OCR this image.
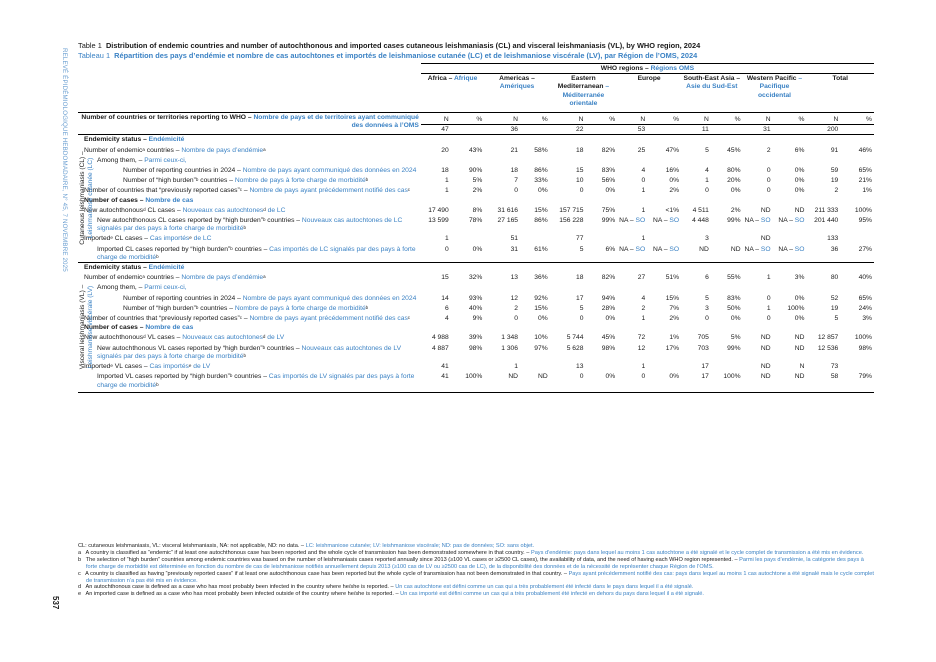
RELEVÉ ÉPIDÉMIOLOGIQUE HEBDOMADAIRE, N° 45, 7 NOVEMBRE 2025
537
Table 1 Distribution of endemic countries and number of autochthonous and imported cases cutaneous leishmaniasis (CL) and visceral leishmaniasis (VL), by WHO region, 2024
Tableau 1 Répartition des pays d’endémie et nombre de cas autochtones et importés de leishmaniose cutanée (LC) et de leishmaniose viscérale (LV), par Région de l’OMS, 2024
	WHO regions – Régions OMS													
	Africa – Afrique		Americas – Amériques		Eastern Mediterranean – Méditerranée orientale		Europe		South-East Asia – Asie du Sud-Est		Western Pacific – Pacifique occidental		Total	
Number of countries or territories reporting to WHO – Nombre de pays et de territoires ayant communiqué des données à l’OMS	N	%	N	%	N	%	N	%	N	%	N	%	N	%
	47		36		22		53		11		31		200	
Endemicity status – Endémicité														
Number of endemic$^a$ countries – Nombre de pays d’endémie$^a$	20	43%	21	58%	18	82%	25	47%	5	45%	2	6%	91	46%
Among them, – Parmi ceux-ci,														
Number of reporting countries in 2024 – Nombre de pays ayant communiqué des données en 2024	18	90%	18	86%	15	83%	4	16%	4	80%	0	0%	59	65%
Number of “high burden”$^b$ countries – Nombre de pays à forte charge de morbidité$^b$	1	5%	7	33%	10	56%	0	0%	1	20%	0	0%	19	21%
Number of countries that “previously reported cases”$^c$ – Nombre de pays ayant précédemment notifié des cas$^c$	1	2%	0	0%	0	0%	1	2%	0	0%	0	0%	2	1%
Number of cases – Nombre de cas														
New autochthonous$^d$ CL cases – Nouveaux cas autochtones$^d$ de LC	17 490	8%	31 616	15%	157 715	75%	1	<1%	4 511	2%	ND	ND	211 333	100%
New autochthonous CL cases reported by “high burden”$^b$ countries – Nouveaux cas autochtones de LC signalés par des pays à forte charge de morbidité$^b$	13 599	78%	27 165	86%	156 228	99%	NA – SO	NA – SO	4 448	99%	NA – SO	NA – SO	201 440	95%
Imported$^e$ CL cases – Cas importés$^e$ de LC	1		51		77		1		3		ND		133	
Imported CL cases reported by “high burden”$^b$ countries – Cas importés de LC signalés par des pays à forte charge de morbidité$^b$	0	0%	31	61%	5	6%	NA – SO	NA – SO	ND	ND	NA – SO	NA – SO	36	27%
Endemicity status – Endémicité														
Number of endemic$^a$ countries – Nombre de pays d’endémie$^a$	15	32%	13	36%	18	82%	27	51%	6	55%	1	3%	80	40%
Among them, – Parmi ceux-ci,														
Number of reporting countries in 2024 – Nombre de pays ayant communiqué des données en 2024	14	93%	12	92%	17	94%	4	15%	5	83%	0	0%	52	65%
Number of “high burden”$^b$ countries – Nombre de pays à forte charge de morbidité$^b$	6	40%	2	15%	5	28%	2	7%	3	50%	1	100%	19	24%
Number of countries that “previously reported cases”$^c$ – Nombre de pays ayant précédemment notifié des cas$^c$	4	9%	0	0%	0	0%	1	2%	0	0%	0	0%	5	3%
Number of cases – Nombre de cas														
New autochthonous$^d$ VL cases – Nouveaux cas autochtones$^d$ de LV	4 988	39%	1 348	10%	5 744	45%	72	1%	705	5%	ND	ND	12 857	100%
New autochthonous VL cases reported by “high burden”$^b$ countries – Nouveaux cas autochtones de LV signalés par des pays à forte charge de morbidité$^b$	4 887	98%	1 306	97%	5 628	98%	12	17%	703	99%	ND	ND	12 536	98%
Imported$^e$ VL cases – Cas importés$^e$ de LV	41		1		13		1		17		ND	N	73	
Imported VL cases reported by “high burden”$^b$ countries – Cas importés de LV signalés par des pays à forte charge de morbidité$^b$	41	100%	ND	ND	0	0%	0	0%	17	100%	ND	ND	58	79%
CL: cutaneous leishmaniasis, VL: visceral leishmaniasis, NA: not applicable, ND: no data. – LC: leishmaniose cutanée; LV: leishmaniose viscérale; ND: pas de données; SO: sans objet.
a A country is classified as “endemic” if at least one autochthonous case has been reported and the whole cycle of transmission has been demonstrated somewhere in that country. – Pays d’endémie: pays dans lequel au moins 1 cas autochtone a été signalé et le cycle complet de transmission a été mis en évidence.
b The selection of “high burden” countries among endemic countries was based on the number of leishmaniasis cases reported annually since 2013 (≥100 VL cases or ≥2500 CL cases), the availability of data, and the need of having each WHO region represented. – Parmi les pays d’endémie, la catégorie des pays à forte charge de morbidité est déterminée en fonction du nombre de cas de leishmaniose notifiés annuellement depuis 2013 (≥100 cas de LV ou ≥2500 cas de LC), de la disponibilité des données et de la nécessité de représenter chaque Région de l’OMS.
c A country is classified as having “previously reported cases” if at least one autochthonous case has been reported but the whole cycle of transmission has not been demonstrated in that country. – Pays ayant précédemment notifié des cas: pays dans lequel au moins 1 cas autochtone a été signalé mais le cycle complet de transmission n’a pas été mis en évidence.
d An autochthonous case is defined as a case who has most probably been infected in the country where he/she is reported. – Un cas autochtone est défini comme un cas qui a très probablement été infecté dans le pays dans lequel il a été signalé.
e An imported case is defined as a case who has most probably been infected outside of the country where he/she is reported. – Un cas importé est défini comme un cas qui a très probablement été infecté en dehors du pays dans lequel il a été signalé.
Cutaneous leishmaniasis (CL) –
Leishmaniose cutanée (LC)
Visceral leishmaniasis (VL) –
Leishmaniose viscérale (LV)
